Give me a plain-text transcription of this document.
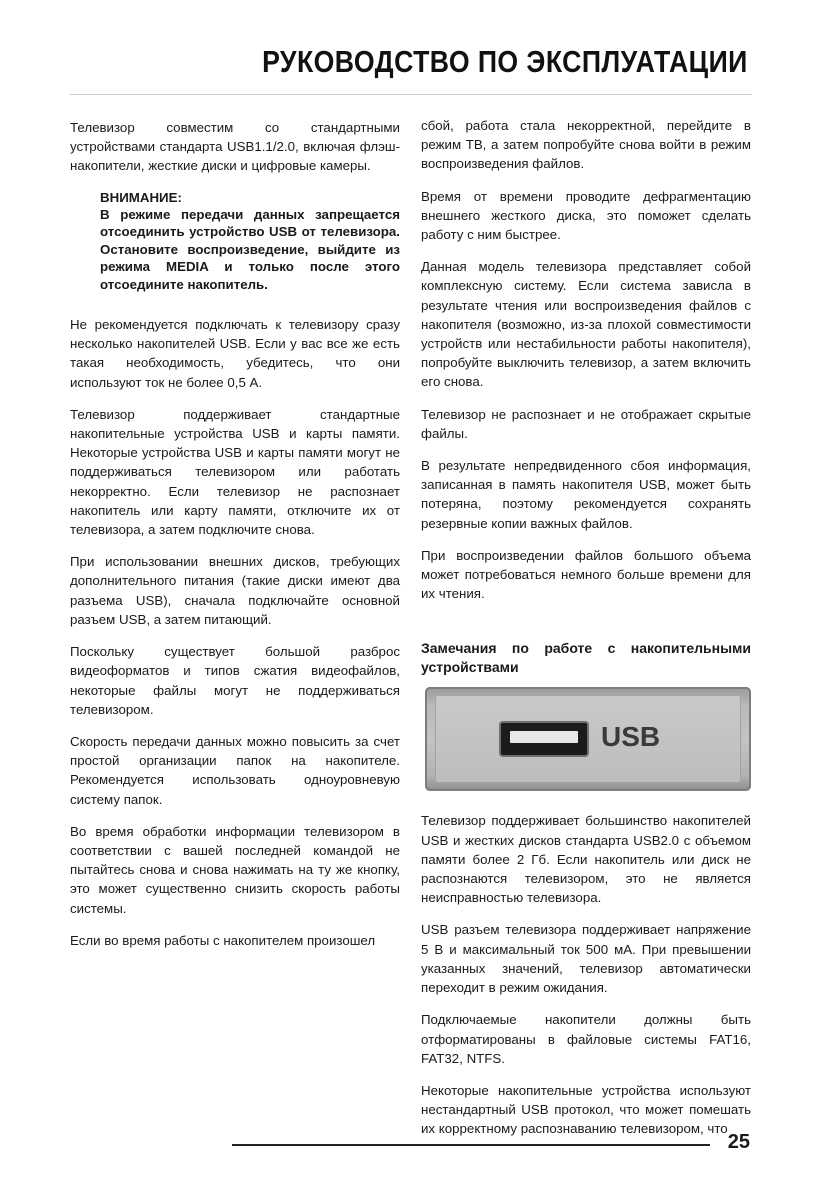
РУКОВОДСТВО ПО ЭКСПЛУАТАЦИИ

Телевизор совместим со стандартными устройствами стандарта USB1.1/2.0, включая флэш-накопители, жесткие диски и цифровые камеры.

ВНИМАНИЕ:

В режиме передачи данных запрещается отсоединить устройство USB от телевизора. Остановите воспроизведение, выйдите из режима MEDIA и только после этого отсоедините накопитель.

Не рекомендуется подключать к телевизору сразу несколько накопителей USB. Если у вас все же есть такая необходимость, убедитесь, что они используют ток не более 0,5 А.

Телевизор поддерживает стандартные накопительные устройства USB и карты памяти. Некоторые устройства USB и карты памяти могут не поддерживаться телевизором или работать некорректно. Если телевизор не распознает накопитель или карту памяти, отключите их от телевизора, а затем подключите снова.

При использовании внешних дисков, требующих дополнительного питания (такие диски имеют два разъема USB), сначала подключайте основной разъем USB, а затем питающий.

Поскольку существует большой разброс видеоформатов и типов сжатия видеофайлов, некоторые файлы могут не поддерживаться телевизором.

Скорость передачи данных можно повысить за счет простой организации папок на накопителе. Рекомендуется использовать одноуровневую систему папок.

Во время обработки информации телевизором в соответствии с вашей последней командой не пытайтесь снова и снова нажимать на ту же кнопку, это может существенно снизить скорость работы системы.

Если во время работы с накопителем произошел

сбой, работа стала некорректной, перейдите в режим ТВ, а затем попробуйте снова войти в режим воспроизведения файлов.

Время от времени проводите дефрагментацию внешнего жесткого диска, это поможет сделать работу с ним быстрее.

Данная модель телевизора представляет собой комплексную систему. Если система зависла в результате чтения или воспроизведения файлов с накопителя (возможно, из-за плохой совместимости устройств или нестабильности работы накопителя), попробуйте выключить телевизор, а затем включить его снова.

Телевизор не распознает и не отображает скрытые файлы.

В результате непредвиденного сбоя информация, записанная в память накопителя USB, может быть потеряна, поэтому рекомендуется сохранять резервные копии важных файлов.

При воспроизведении файлов большого объема может потребоваться немного больше времени для их чтения.

Замечания по работе с накопительными устройствами
USB

Телевизор поддерживает большинство накопителей USB и жестких дисков стандарта USB2.0 с объемом памяти более 2 Гб. Если накопитель или диск не распознаются телевизором, это не является неисправностью телевизора.

USB разъем телевизора поддерживает напряжение 5 В и максимальный ток 500 мА. При превышении указанных значений, телевизор автоматически переходит в режим ожидания.

Подключаемые накопители должны быть отформатированы в файловые системы FAT16, FAT32, NTFS.

Некоторые накопительные устройства используют нестандартный USB протокол, что может помешать их корректному распознаванию телевизором, что

25
